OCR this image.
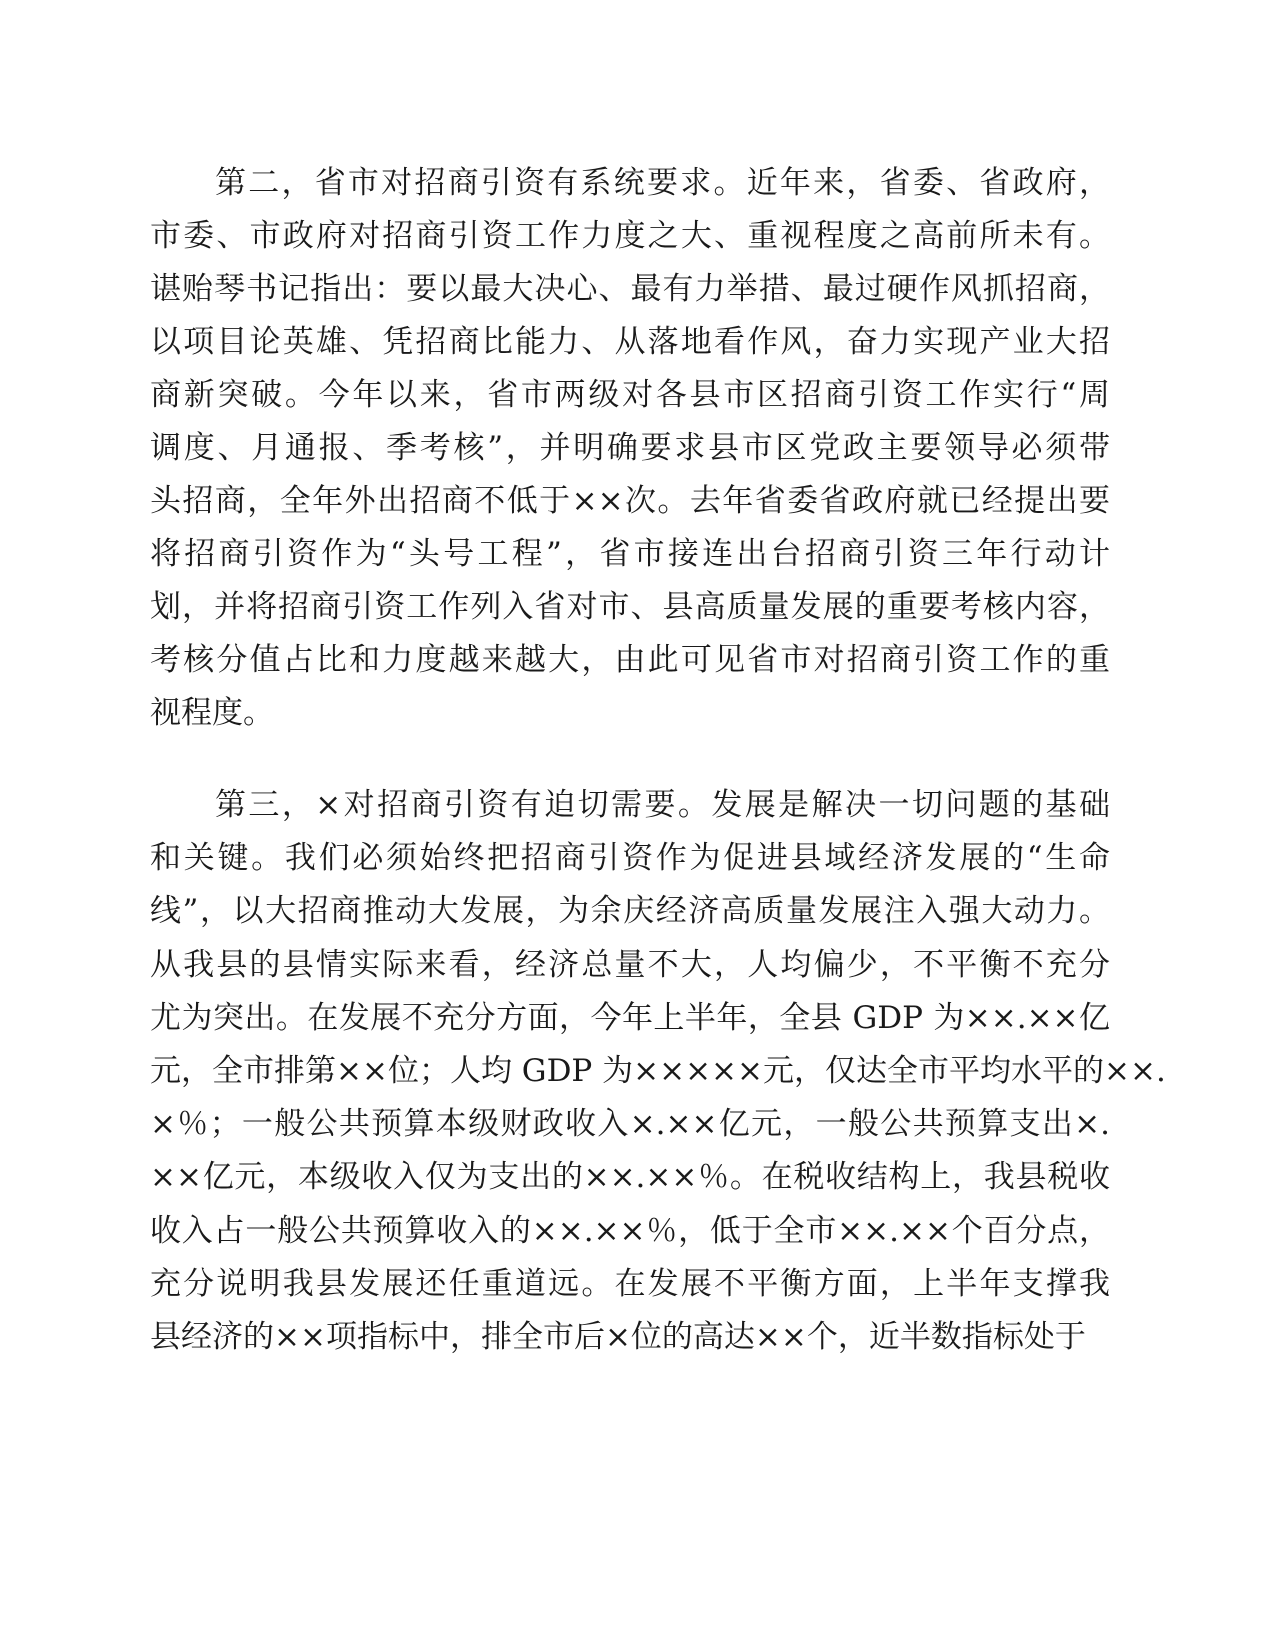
第二，省市对招商引资有系统要求。近年来，省委、省政府，
市委、市政府对招商引资工作力度之大、重视程度之高前所未有。
谌贻琴书记指出：要以最大决心、最有力举措、最过硬作风抓招商，
以项目论英雄、凭招商比能力、从落地看作风，奋力实现产业大招
商新突破。今年以来，省市两级对各县市区招商引资工作实行“周
调度、月通报、季考核”，并明确要求县市区党政主要领导必须带
头招商，全年外出招商不低于××次。去年省委省政府就已经提出要
将招商引资作为“头号工程”，省市接连出台招商引资三年行动计
划，并将招商引资工作列入省对市、县高质量发展的重要考核内容，
考核分值占比和力度越来越大，由此可见省市对招商引资工作的重
视程度。
第三，×对招商引资有迫切需要。发展是解决一切问题的基础
和关键。我们必须始终把招商引资作为促进县域经济发展的“生命
线”，以大招商推动大发展，为余庆经济高质量发展注入强大动力。
从我县的县情实际来看，经济总量不大，人均偏少，不平衡不充分
尤为突出。在发展不充分方面，今年上半年，全县 GDP 为××.××亿
元，全市排第××位；人均 GDP 为×××××元，仅达全市平均水平的××.
×％；一般公共预算本级财政收入×.××亿元，一般公共预算支出×.
××亿元，本级收入仅为支出的××.××％。在税收结构上，我县税收
收入占一般公共预算收入的××.××％，低于全市××.××个百分点，
充分说明我县发展还任重道远。在发展不平衡方面，上半年支撑我
县经济的××项指标中，排全市后×位的高达××个，近半数指标处于
